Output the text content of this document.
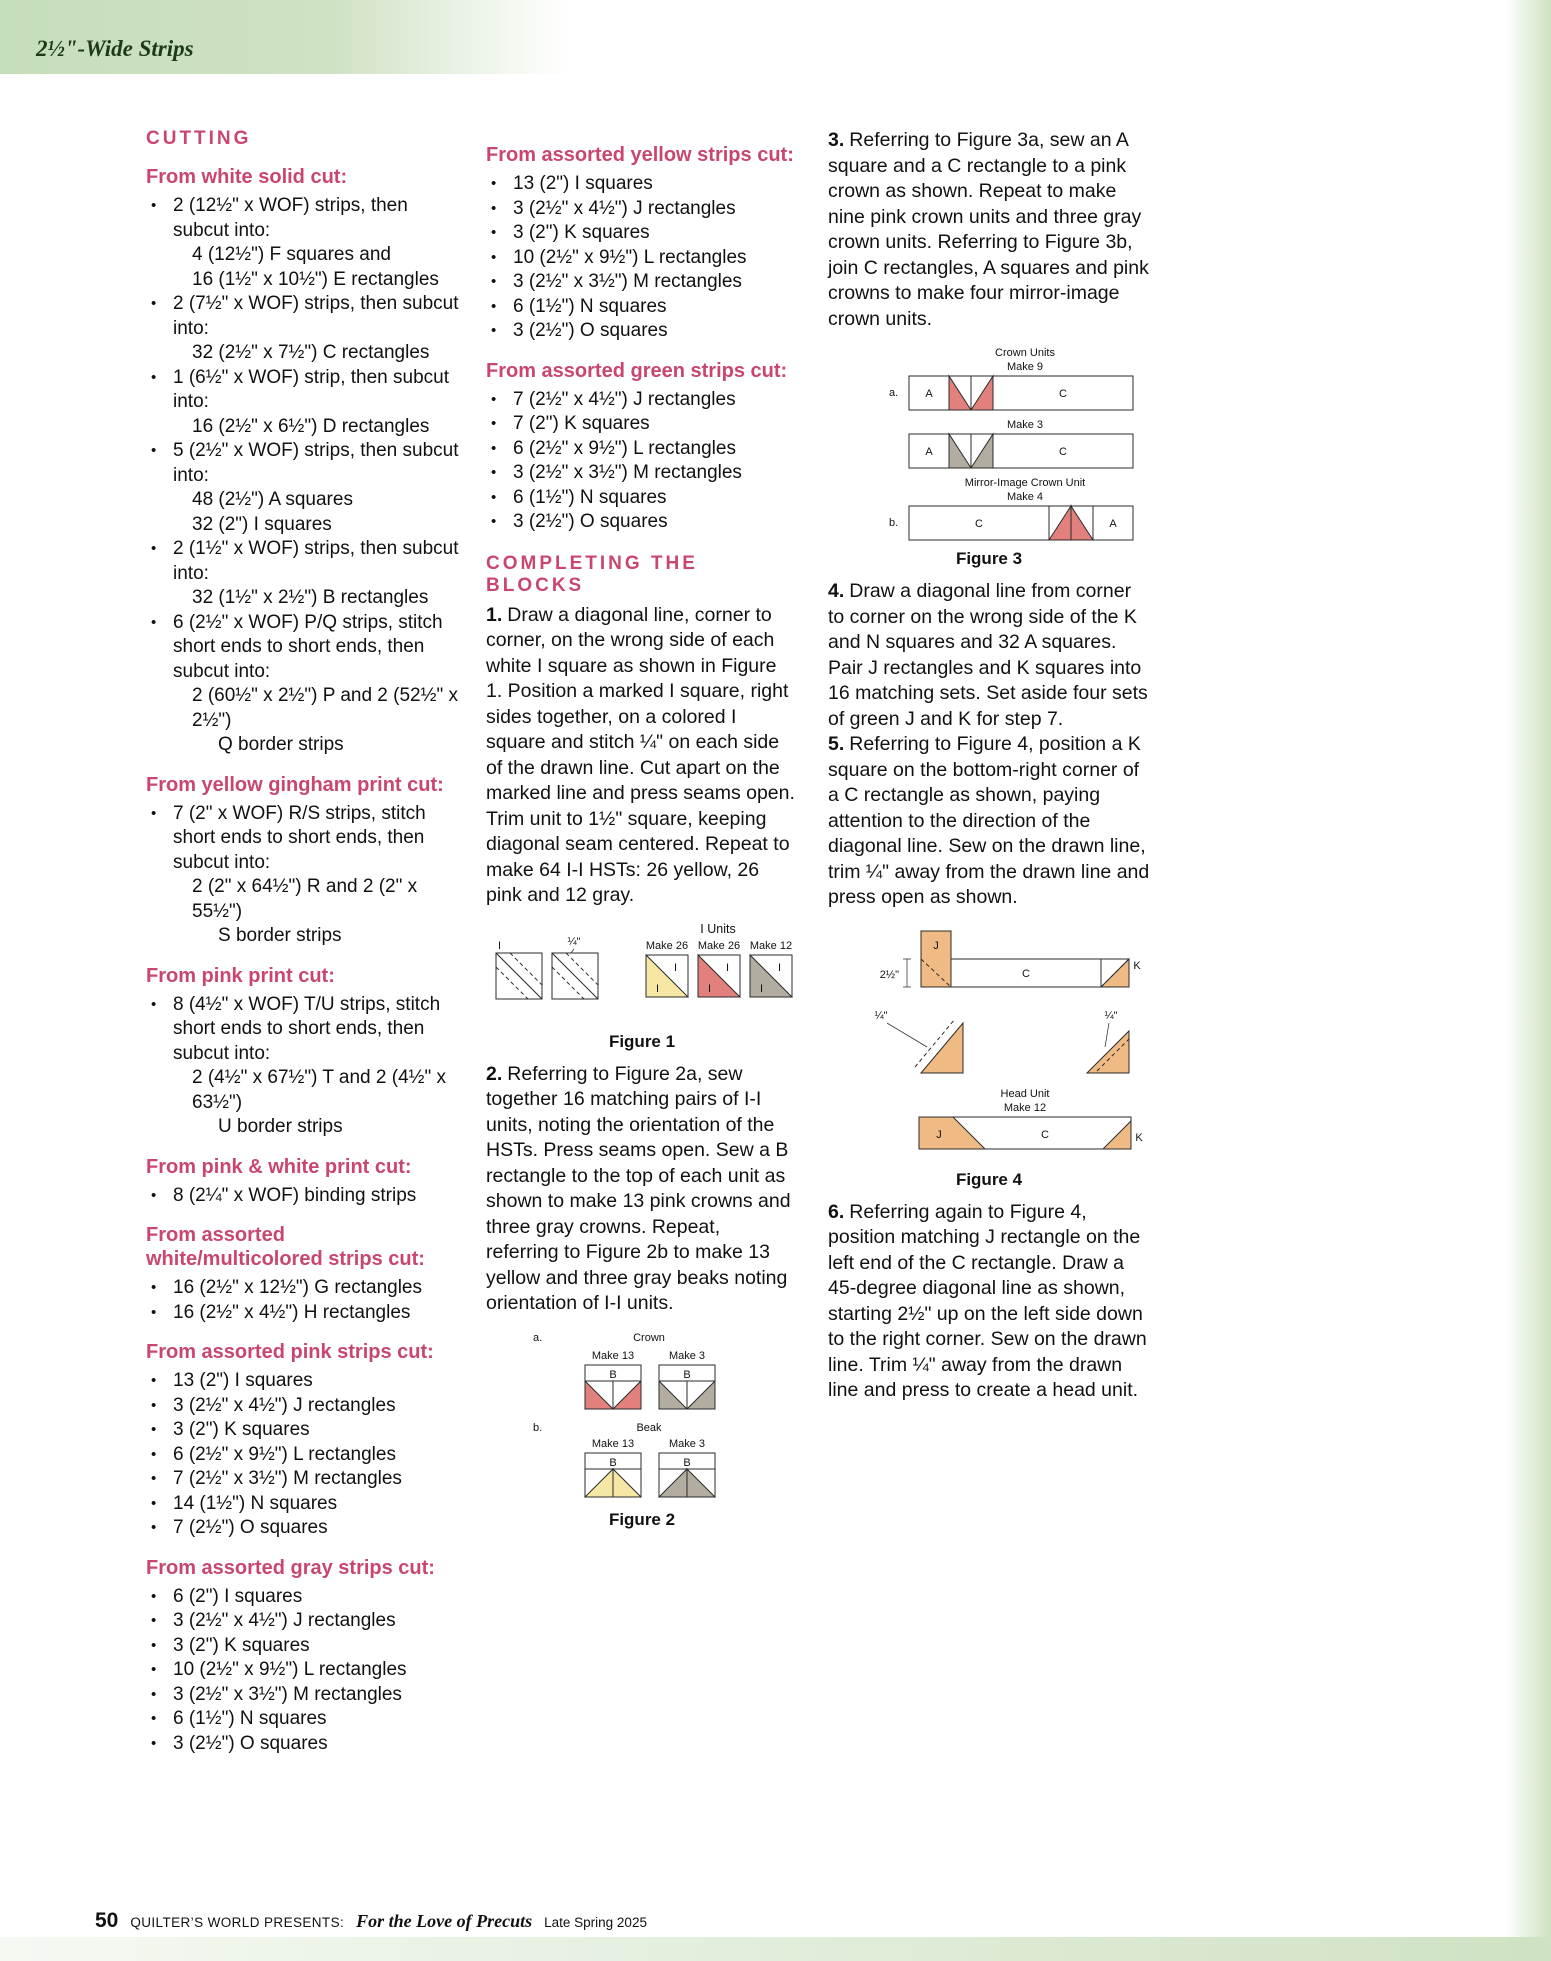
2½"-Wide Strips
CUTTING
From white solid cut:
• 2 (12½" x WOF) strips, then subcut into:
4 (12½") F squares and
16 (1½" x 10½") E rectangles
• 2 (7½" x WOF) strips, then subcut into:
32 (2½" x 7½") C rectangles
• 1 (6½" x WOF) strip, then subcut into:
16 (2½" x 6½") D rectangles
• 5 (2½" x WOF) strips, then subcut into:
48 (2½") A squares
32 (2") I squares
• 2 (1½" x WOF) strips, then subcut into:
32 (1½" x 2½") B rectangles
• 6 (2½" x WOF) P/Q strips, stitch short ends to short ends, then subcut into:
2 (60½" x 2½") P and 2 (52½" x 2½")
Q border strips
From yellow gingham print cut:
• 7 (2" x WOF) R/S strips, stitch short ends to short ends, then subcut into:
2 (2" x 64½") R and 2 (2" x 55½")
S border strips
From pink print cut:
• 8 (4½" x WOF) T/U strips, stitch short ends to short ends, then subcut into:
2 (4½" x 67½") T and 2 (4½" x 63½")
U border strips
From pink & white print cut:
• 8 (2¼" x WOF) binding strips
From assorted white/multicolored strips cut:
• 16 (2½" x 12½") G rectangles
• 16 (2½" x 4½") H rectangles
From assorted pink strips cut:
• 13 (2") I squares
• 3 (2½" x 4½") J rectangles
• 3 (2") K squares
• 6 (2½" x 9½") L rectangles
• 7 (2½" x 3½") M rectangles
• 14 (1½") N squares
• 7 (2½") O squares
From assorted gray strips cut:
• 6 (2") I squares
• 3 (2½" x 4½") J rectangles
• 3 (2") K squares
• 10 (2½" x 9½") L rectangles
• 3 (2½" x 3½") M rectangles
• 6 (1½") N squares
• 3 (2½") O squares
From assorted yellow strips cut:
• 13 (2") I squares
• 3 (2½" x 4½") J rectangles
• 3 (2") K squares
• 10 (2½" x 9½") L rectangles
• 3 (2½" x 3½") M rectangles
• 6 (1½") N squares
• 3 (2½") O squares
From assorted green strips cut:
• 7 (2½" x 4½") J rectangles
• 7 (2") K squares
• 6 (2½" x 9½") L rectangles
• 3 (2½" x 3½") M rectangles
• 6 (1½") N squares
• 3 (2½") O squares
COMPLETING THE BLOCKS

1. Draw a diagonal line, corner to corner, on the wrong side of each white I square as shown in Figure 1. Position a marked I square, right sides together, on a colored I square and stitch ¼" on each side of the drawn line. Cut apart on the marked line and press seams open. Trim unit to 1½" square, keeping diagonal seam centered. Repeat to make 64 I-I HSTs: 26 yellow, 26 pink and 12 gray.

I	¼"
I Units
Make 26 Make 26 Make 12
I
I
I
I
I
I
Figure 1

2. Referring to Figure 2a, sew together 16 matching pairs of I-I units, noting the orientation of the HSTs. Press seams open. Sew a B rectangle to the top of each unit as shown to make 13 pink crowns and three gray crowns. Repeat, referring to Figure 2b to make 13 yellow and three gray beaks noting orientation of I-I units.

a.	Crown
Make 13	Make 3
B	B
b.	Beak
Make 13	Make 3
B	B
Figure 2

3. Referring to Figure 3a, sew an A square and a C rectangle to a pink crown as shown. Repeat to make nine pink crown units and three gray crown units. Referring to Figure 3b, join C rectangles, A squares and pink crowns to make four mirror-image crown units.

Crown Units
Make 9
a. A	C
Make 3
A	C
Mirror-Image Crown Unit
Make 4
b.	C	A
Figure 3

4. Draw a diagonal line from corner to corner on the wrong side of the K and N squares and 32 A squares. Pair J rectangles and K squares into 16 matching sets. Set aside four sets of green J and K for step 7.

5. Referring to Figure 4, position a K square on the bottom-right corner of a C rectangle as shown, paying attention to the direction of the diagonal line. Sew on the drawn line, trim ¼" away from the drawn line and press open as shown.

2½"
J
C
K
¼"	¼"
Head Unit
Make 12
J	C	K
Figure 4

6. Referring again to Figure 4, position matching J rectangle on the left end of the C rectangle. Draw a 45-degree diagonal line as shown, starting 2½" up on the left side down to the right corner. Sew on the drawn line. Trim ¼" away from the drawn line and press to create a head unit.

50 QUILTER’S WORLD PRESENTS: For the Love of Precuts Late Spring 2025
